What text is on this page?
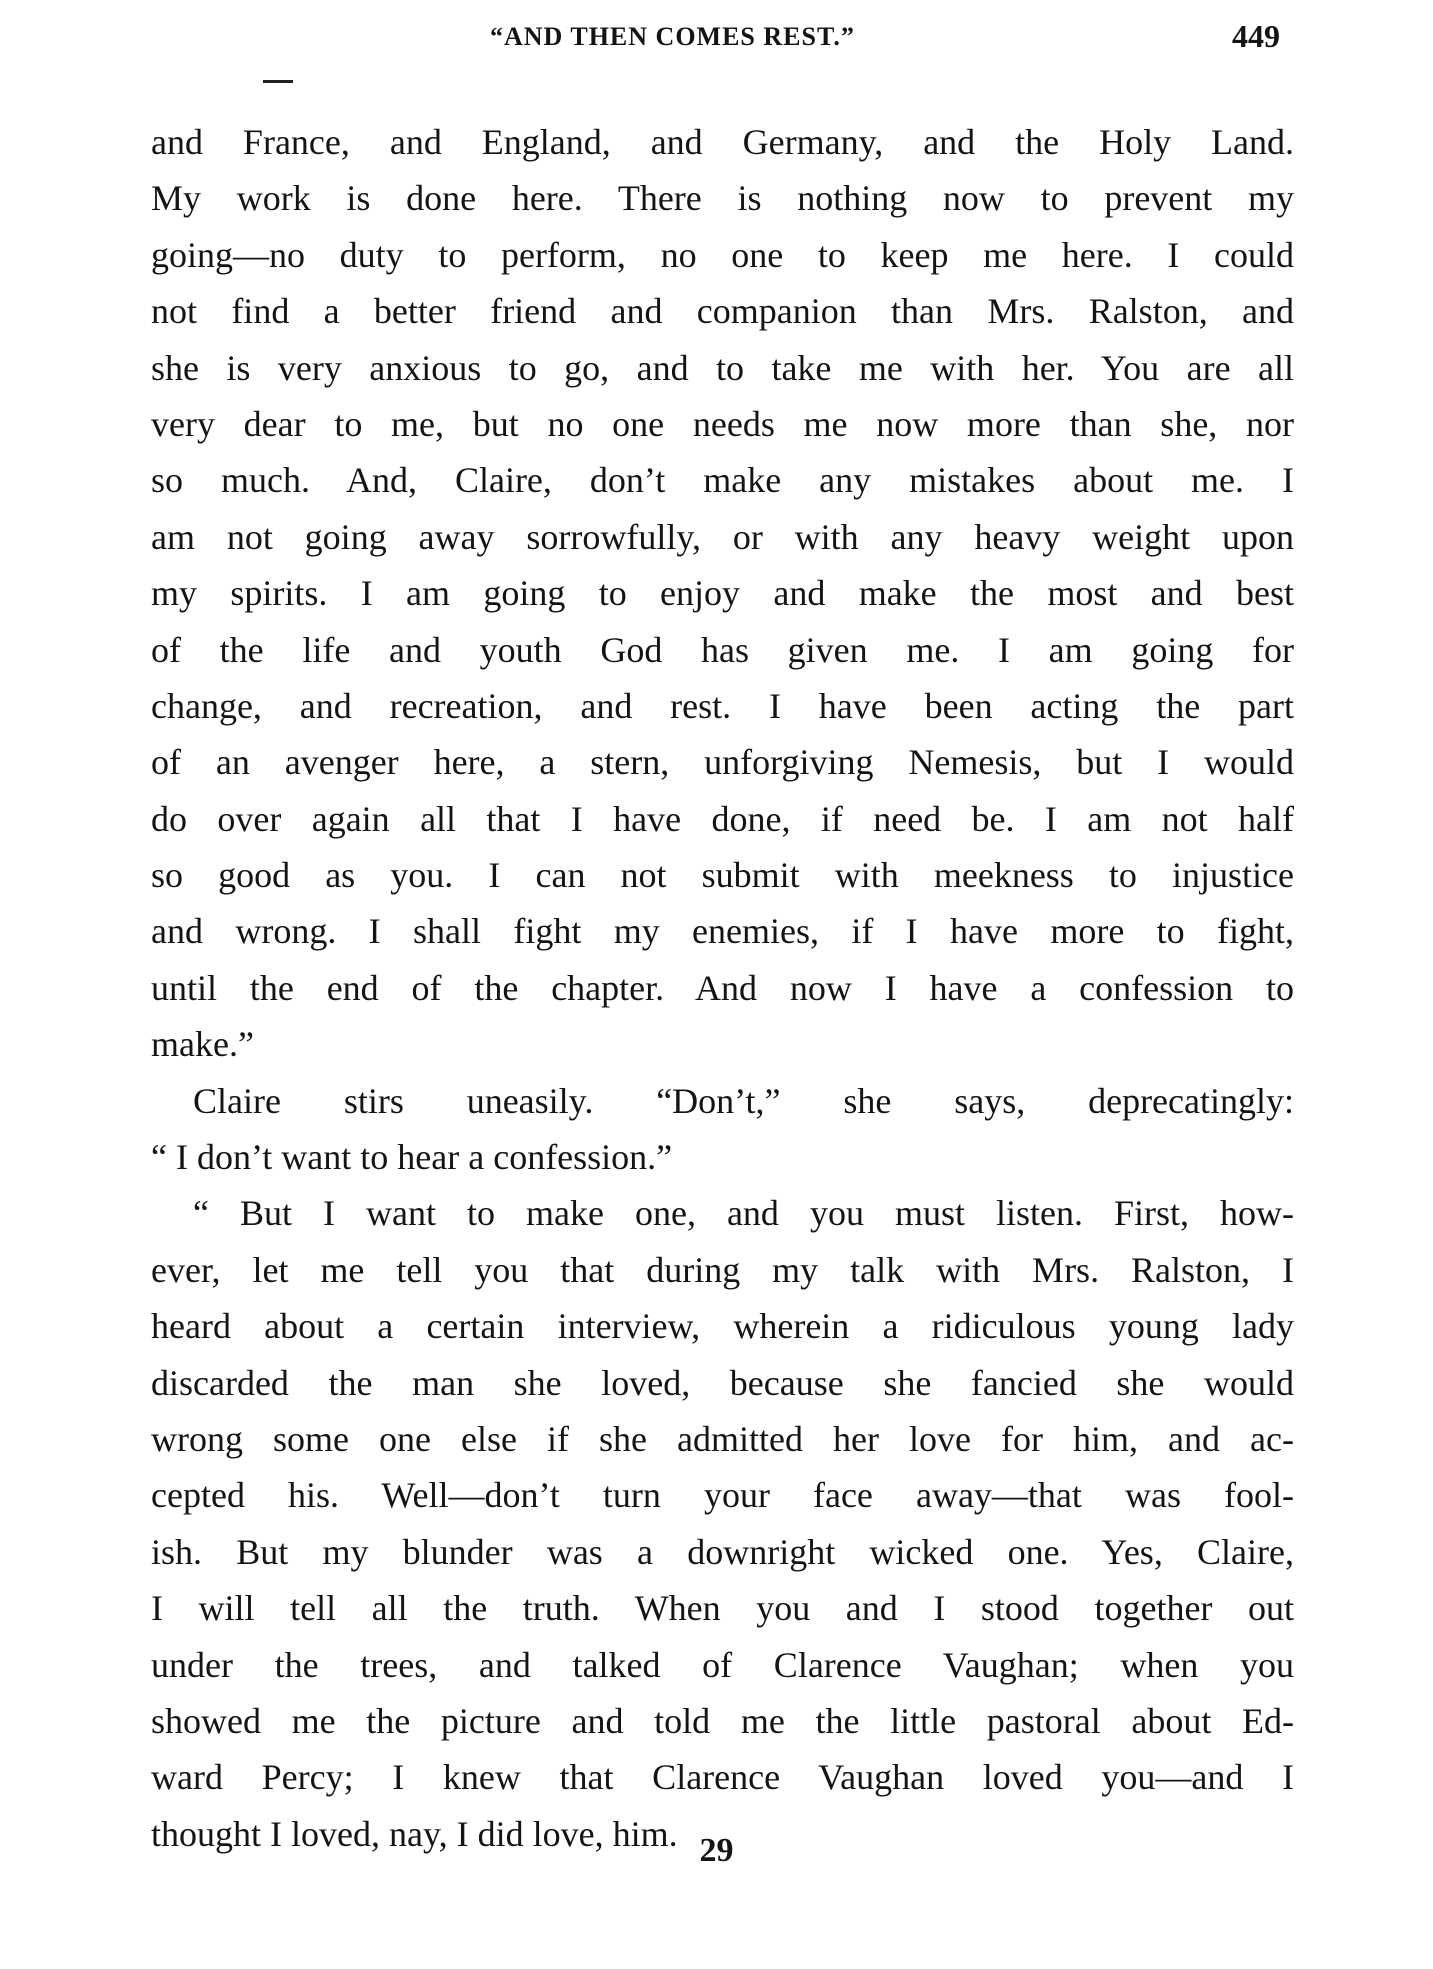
“AND THEN COMES REST.”	449
and France, and England, and Germany, and the Holy Land.
My work is done here. There is nothing now to prevent my
going—no duty to perform, no one to keep me here. I could
not find a better friend and companion than Mrs. Ralston, and
she is very anxious to go, and to take me with her. You are all
very dear to me, but no one needs me now more than she, nor
so much. And, Claire, don’t make any mistakes about me. I
am not going away sorrowfully, or with any heavy weight upon
my spirits. I am going to enjoy and make the most and best
of the life and youth God has given me. I am going for
change, and recreation, and rest. I have been acting the part
of an avenger here, a stern, unforgiving Nemesis, but I would
do over again all that I have done, if need be. I am not half
so good as you. I can not submit with meekness to injustice
and wrong. I shall fight my enemies, if I have more to fight,
until the end of the chapter. And now I have a confession to
make.”
Claire stirs uneasily. “Don’t,” she says, deprecatingly:
“ I don’t want to hear a confession.”
“ But I want to make one, and you must listen. First, how-
ever, let me tell you that during my talk with Mrs. Ralston, I
heard about a certain interview, wherein a ridiculous young lady
discarded the man she loved, because she fancied she would
wrong some one else if she admitted her love for him, and ac-
cepted his. Well—don’t turn your face away—that was fool-
ish. But my blunder was a downright wicked one. Yes, Claire,
I will tell all the truth. When you and I stood together out
under the trees, and talked of Clarence Vaughan; when you
showed me the picture and told me the little pastoral about Ed-
ward Percy; I knew that Clarence Vaughan loved you—and I
thought I loved, nay, I did love, him. 29
